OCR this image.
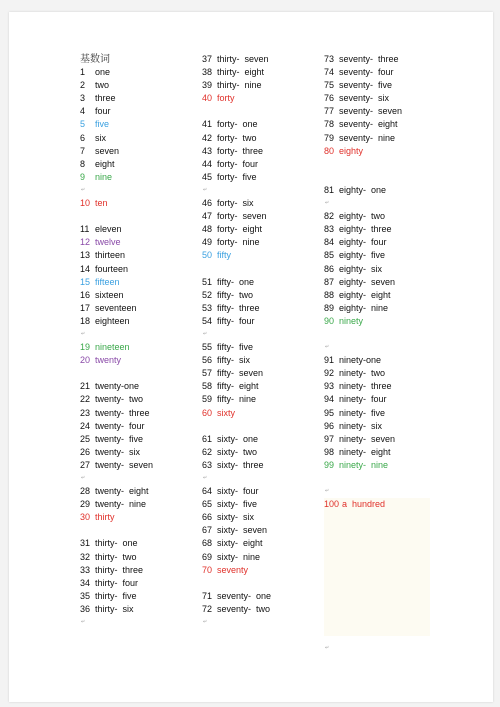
基数词
1 one
2 two
3 three
4 four
5 five
6 six
7 seven
8 eight
9 nine
↵
10 ten
11 eleven
12 twelve
13 thirteen
14 fourteen
15 fifteen
16 sixteen
17 seventeen
18 eighteen
↵
19 nineteen
20 twenty
21 twenty-one
22 twenty-  two
23 twenty-  three
24 twenty-  four
25 twenty-  five
26 twenty-  six
27 twenty-  seven
↵
28 twenty-  eight
29 twenty-  nine
30 thirty
31 thirty-  one
32 thirty-  two
33 thirty-  three
34 thirty-  four
35 thirty-  five
36 thirty-  six
↵
37 thirty-  seven
38 thirty-  eight
39 thirty-  nine
40 forty
41 forty-  one
42 forty-  two
43 forty-  three
44 forty-  four
45 forty-  five
↵
46 forty-  six
47 forty-  seven
48 forty-  eight
49 forty-  nine
50 fifty
51 fifty-  one
52 fifty-  two
53 fifty-  three
54 fifty-  four
↵
55 fifty-  five
56 fifty-  six
57 fifty-  seven
58 fifty-  eight
59 fifty-  nine
60 sixty
61 sixty-  one
62 sixty-  two
63 sixty-  three
↵
64 sixty-  four
65 sixty-  five
66 sixty-  six
67 sixty-  seven
68 sixty-  eight
69 sixty-  nine
70 seventy
71 seventy-  one
72 seventy-  two
↵
73 seventy-  three
74 seventy-  four
75 seventy-  five
76 seventy-  six
77 seventy-  seven
78 seventy-  eight
79 seventy-  nine
80 eighty
81 eighty-  one
↵
82 eighty-  two
83 eighty-  three
84 eighty-  four
85 eighty-  five
86 eighty-  six
87 eighty-  seven
88 eighty-  eight
89 eighty-  nine
90 ninety
↵
91 ninety-one
92 ninety-  two
93 ninety-  three
94 ninety-  four
95 ninety-  five
96 ninety-  six
97 ninety-  seven
98 ninety-  eight
99 ninety-  nine
↵
100 a  hundred
↵
